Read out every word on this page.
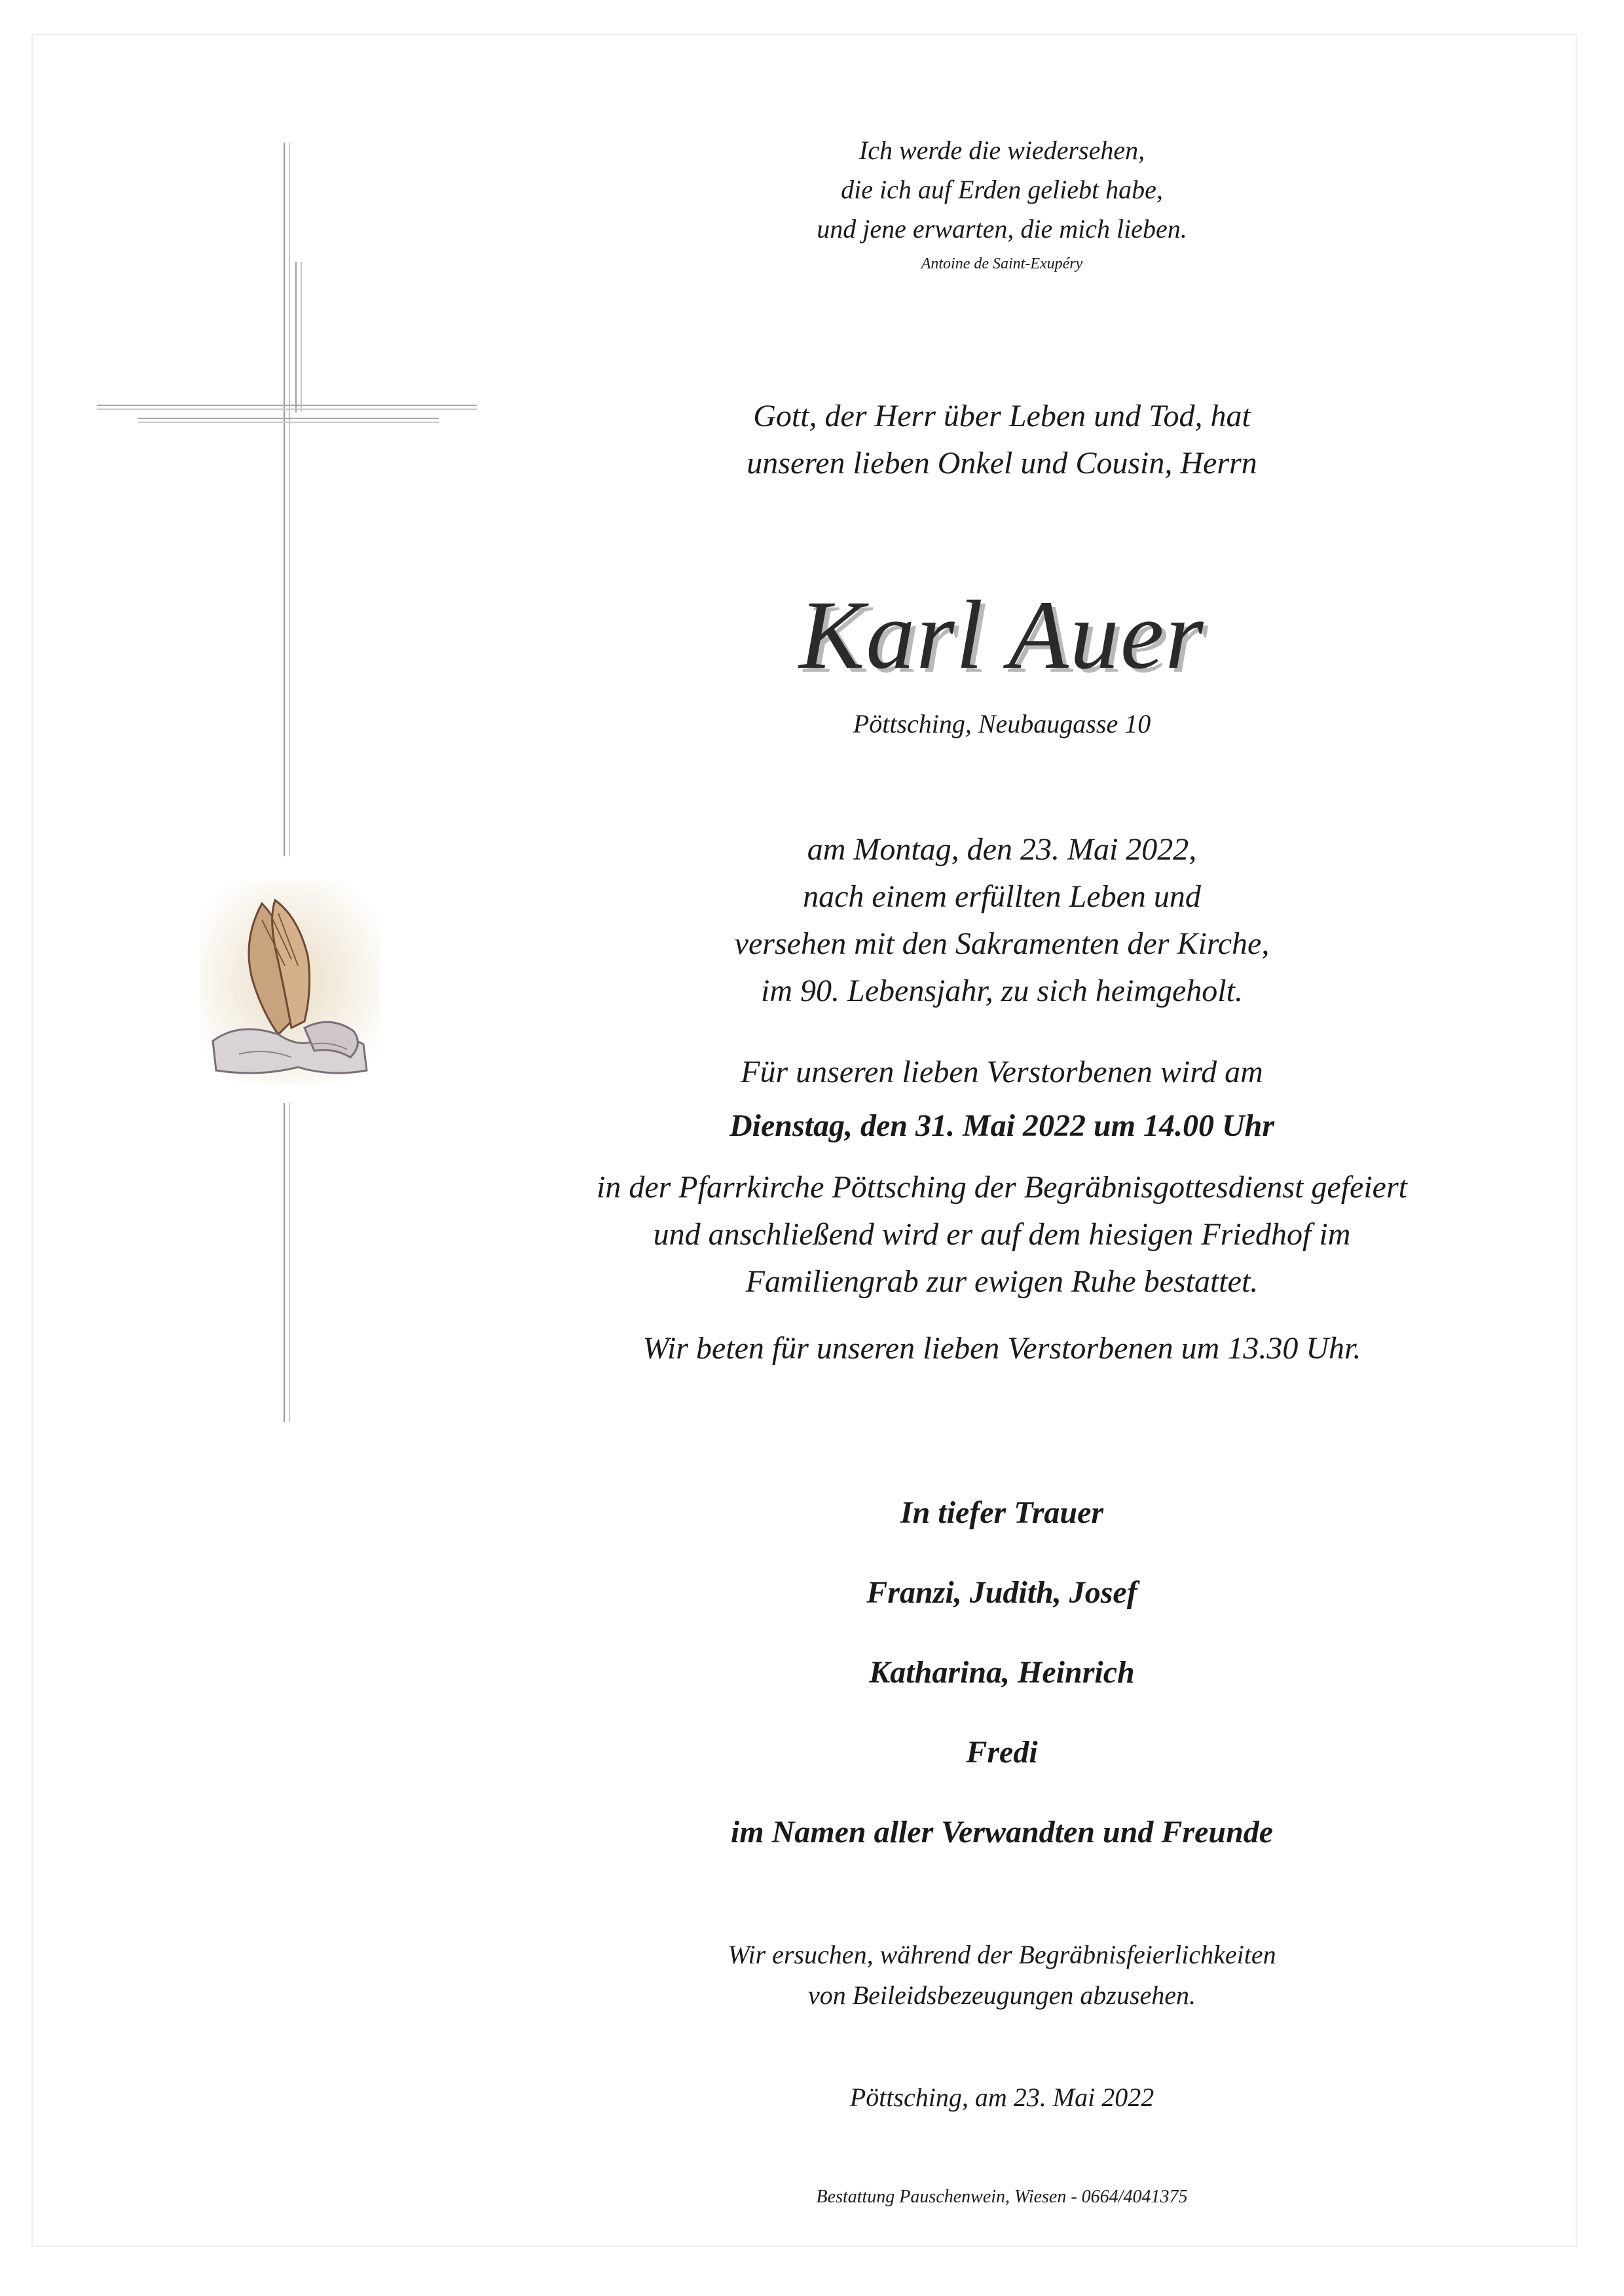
Ich werde die wiedersehen,
die ich auf Erden geliebt habe,
und jene erwarten, die mich lieben.
Antoine de Saint-Exupéry
Gott, der Herr über Leben und Tod, hat
unseren lieben Onkel und Cousin, Herrn
Karl Auer
Pöttsching, Neubaugasse 10
am Montag, den 23. Mai 2022,
nach einem erfüllten Leben und
versehen mit den Sakramenten der Kirche,
im 90. Lebensjahr, zu sich heimgeholt.
Für unseren lieben Verstorbenen wird am
Dienstag, den 31. Mai 2022 um 14.00 Uhr
in der Pfarrkirche Pöttsching der Begräbnisgottesdienst gefeiert
und anschließend wird er auf dem hiesigen Friedhof im
Familiengrab zur ewigen Ruhe bestattet.
Wir beten für unseren lieben Verstorbenen um 13.30 Uhr.
In tiefer Trauer
Franzi, Judith, Josef
Katharina, Heinrich
Fredi
im Namen aller Verwandten und Freunde
Wir ersuchen, während der Begräbnisfeierlichkeiten
von Beileidsbezeugungen abzusehen.
Pöttsching, am 23. Mai 2022
Bestattung Pauschenwein, Wiesen - 0664/4041375
